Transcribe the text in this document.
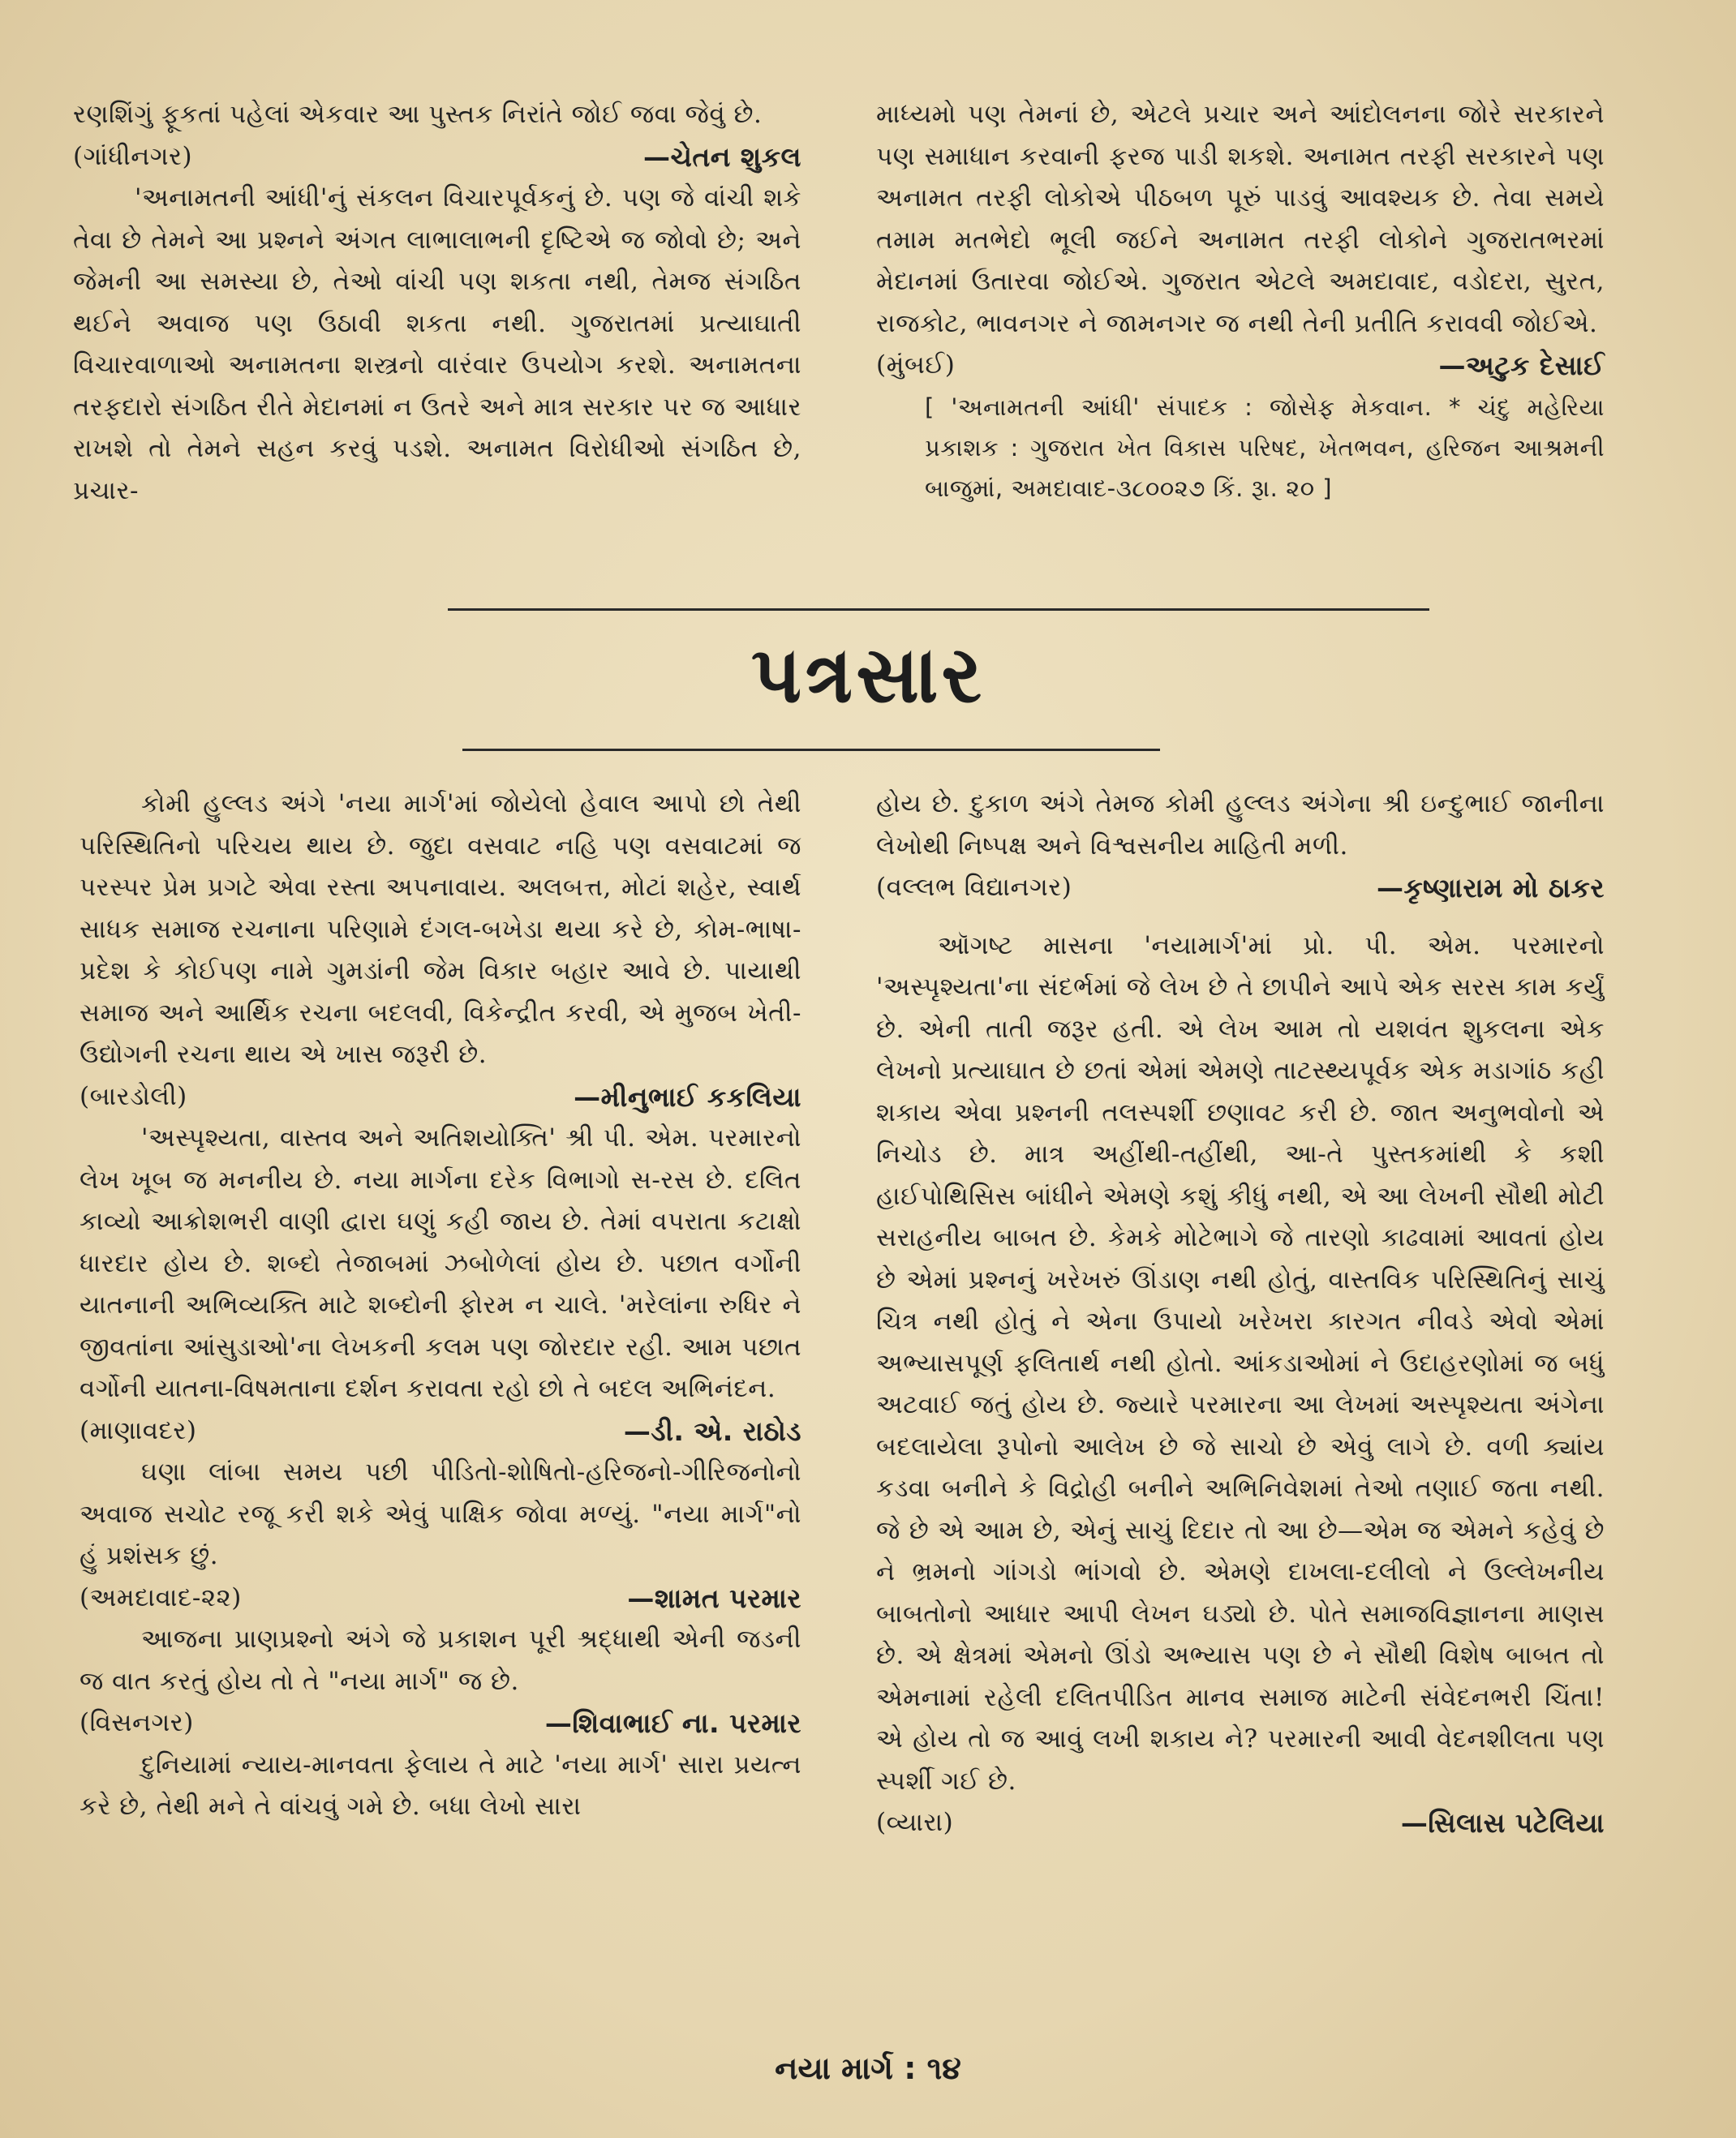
રણશિંગું ફૂકતાં પહેલાં એકવાર આ પુસ્તક નિરાંતે જોઈ જવા જેવું છે.

(ગાંધીનગર)	—ચેતન શુકલ

'અનામતની આંધી'નું સંકલન વિચારપૂર્વકનું છે. પણ જે વાંચી શકે તેવા છે તેમને આ પ્રશ્નને અંગત લાભાલાભની દૃષ્ટિએ જ જોવો છે; અને જેમની આ સમસ્યા છે, તેઓ વાંચી પણ શકતા નથી, તેમજ સંગઠિત થઈને અવાજ પણ ઉઠાવી શકતા નથી. ગુજરાતમાં પ્રત્યાઘાતી વિચારવાળાઓ અનામતના શસ્ત્રનો વારંવાર ઉપયોગ કરશે. અનામતના તરફદારો સંગઠિત રીતે મેદાનમાં ન ઉતરે અને માત્ર સરકાર પર જ આધાર રાખશે તો તેમને સહન કરવું પડશે. અનામત વિરોધીઓ સંગઠિત છે, પ્રચાર-

માધ્યમો પણ તેમનાં છે, એટલે પ્રચાર અને આંદોલનના જોરે સરકારને પણ સમાધાન કરવાની ફરજ પાડી શકશે. અનામત તરફી સરકારને પણ અનામત તરફી લોકોએ પીઠબળ પૂરું પાડવું આવશ્યક છે. તેવા સમયે તમામ મતભેદો ભૂલી જઈને અનામત તરફી લોકોને ગુજરાતભરમાં મેદાનમાં ઉતારવા જોઈએ. ગુજરાત એટલે અમદાવાદ, વડોદરા, સુરત, રાજકોટ, ભાવનગર ને જામનગર જ નથી તેની પ્રતીતિ કરાવવી જોઈએ.

(મુંબઈ)	—અટુક દેસાઈ

[ 'અનામતની આંધી' સંપાદક : જોસેફ મેકવાન. * ચંદુ મહેરિયા પ્રકાશક : ગુજરાત ખેત વિકાસ પરિષદ, ખેતભવન, હરિજન આશ્રમની બાજુમાં, અમદાવાદ-૩૮૦૦૨૭ કિં. રૂા. ૨૦ ]

પત્રસાર

કોમી હુલ્લડ અંગે 'નયા માર્ગ'માં જોયેલો હેવાલ આપો છો તેથી પરિસ્થિતિનો પરિચય થાય છે. જુદા વસવાટ નહિ પણ વસવાટમાં જ પરસ્પર પ્રેમ પ્રગટે એવા રસ્તા અપનાવાય. અલબત્ત, મોટાં શહેર, સ્વાર્થ સાધક સમાજ રચનાના પરિણામે દંગલ-બખેડા થયા કરે છે, કોમ-ભાષા-પ્રદેશ કે કોઈપણ નામે ગુમડાંની જેમ વિકાર બહાર આવે છે. પાયાથી સમાજ અને આર્થિક રચના બદલવી, વિકેન્દ્રીત કરવી, એ મુજબ ખેતી-ઉદ્યોગની રચના થાય એ ખાસ જરૂરી છે.

(બારડોલી)	—મીનુભાઈ કકલિયા

'અસ્પૃશ્યતા, વાસ્તવ અને અતિશયોક્તિ' શ્રી પી. એમ. પરમારનો લેખ ખૂબ જ મનનીય છે. નયા માર્ગના દરેક વિભાગો સ-રસ છે. દલિત કાવ્યો આક્રોશભરી વાણી દ્વારા ઘણું કહી જાય છે. તેમાં વપરાતા કટાક્ષો ધારદાર હોય છે. શબ્દો તેજાબમાં ઝબોળેલાં હોય છે. પછાત વર્ગોની યાતનાની અભિવ્યક્તિ માટે શબ્દોની ફોરમ ન ચાલે. 'મરેલાંના રુધિર ને જીવતાંના આંસુડાઓ'ના લેખકની કલમ પણ જોરદાર રહી. આમ પછાત વર્ગોની યાતના-વિષમતાના દર્શન કરાવતા રહો છો તે બદલ અભિનંદન.

(માણાવદર)	—ડી. એ. રાઠોડ

ઘણા લાંબા સમય પછી પીડિતો-શોષિતો-હરિજનો-ગીરિજનોનો અવાજ સચોટ રજૂ કરી શકે એવું પાક્ષિક જોવા મળ્યું. "નયા માર્ગ"નો હું પ્રશંસક છું.

(અમદાવાદ-૨૨)	—શામત પરમાર

આજના પ્રાણપ્રશ્નો અંગે જે પ્રકાશન પૂરી શ્રદ્ધાથી એની જડની જ વાત કરતું હોય તો તે "નયા માર્ગ" જ છે.

(વિસનગર)	—શિવાભાઈ ના. પરમાર

દુનિયામાં ન્યાય-માનવતા ફેલાય તે માટે 'નયા માર્ગ' સારા પ્રયત્ન કરે છે, તેથી મને તે વાંચવું ગમે છે. બધા લેખો સારા

હોય છે. દુકાળ અંગે તેમજ કોમી હુલ્લડ અંગેના શ્રી ઇન્દુભાઈ જાનીના લેખોથી નિષ્પક્ષ અને વિશ્વસનીય માહિતી મળી.

(વલ્લભ વિદ્યાનગર)	—કૃષ્ણારામ મો ઠાકર

ઑગષ્ટ માસના 'નયામાર્ગ'માં પ્રો. પી. એમ. પરમારનો 'અસ્પૃશ્યતા'ના સંદર્ભમાં જે લેખ છે તે છાપીને આપે એક સરસ કામ કર્યું છે. એની તાતી જરૂર હતી. એ લેખ આમ તો યશવંત શુકલના એક લેખનો પ્રત્યાઘાત છે છતાં એમાં એમણે તાટસ્થ્યપૂર્વક એક મડાગાંઠ કહી શકાય એવા પ્રશ્નની તલસ્પર્શી છણાવટ કરી છે. જાત અનુભવોનો એ નિચોડ છે. માત્ર અહીંથી-તહીંથી, આ-તે પુસ્તકમાંથી કે કશી હાઈપોથિસિસ બાંધીને એમણે કશું કીધું નથી, એ આ લેખની સૌથી મોટી સરાહનીય બાબત છે. કેમકે મોટેભાગે જે તારણો કાઢવામાં આવતાં હોય છે એમાં પ્રશ્નનું ખરેખરું ઊંડાણ નથી હોતું, વાસ્તવિક પરિસ્થિતિનું સાચું ચિત્ર નથી હોતું ને એના ઉપાયો ખરેખરા કારગત નીવડે એવો એમાં અભ્યાસપૂર્ણ ફલિતાર્થ નથી હોતો. આંકડાઓમાં ને ઉદાહરણોમાં જ બધું અટવાઈ જતું હોય છે. જ્યારે પરમારના આ લેખમાં અસ્પૃશ્યતા અંગેના બદલાયેલા રૂપોનો આલેખ છે જે સાચો છે એવું લાગે છે. વળી ક્યાંય કડવા બનીને કે વિદ્રોહી બનીને અભિનિવેશમાં તેઓ તણાઈ જતા નથી. જે છે એ આમ છે, એનું સાચું દિદાર તો આ છે—એમ જ એમને કહેવું છે ને ભ્રમનો ગાંગડો ભાંગવો છે. એમણે દાખલા-દલીલો ને ઉલ્લેખનીય બાબતોનો આધાર આપી લેખન ઘડ્યો છે. પોતે સમાજવિજ્ઞાનના માણસ છે. એ ક્ષેત્રમાં એમનો ઊંડો અભ્યાસ પણ છે ને સૌથી વિશેષ બાબત તો એમનામાં રહેલી દલિતપીડિત માનવ સમાજ માટેની સંવેદનભરી ચિંતા! એ હોય તો જ આવું લખી શકાય ને? પરમારની આવી વેદનશીલતા પણ સ્પર્શી ગઈ છે.

(વ્યારા)	—સિલાસ પટેલિયા

નયા માર્ગ : ૧૪
